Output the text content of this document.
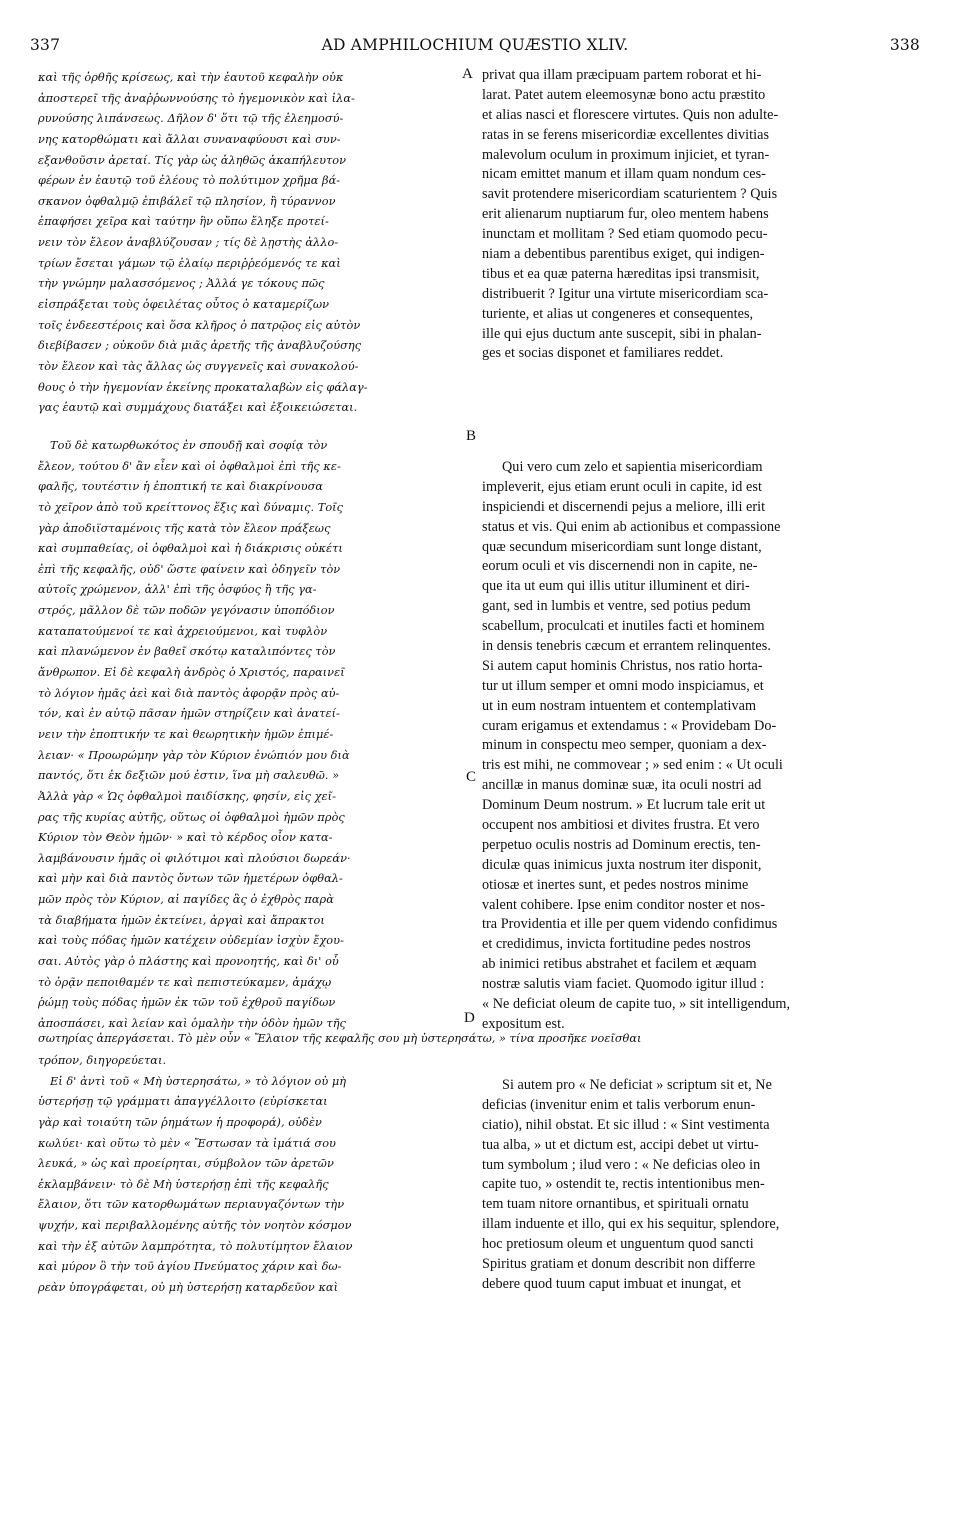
337	AD AMPHILOCHIUM QUÆSTIO XLIV.	338
καὶ τῆς ὀρθῆς κρίσεως, καὶ τὴν ἑαυτοῦ κεφαλὴν οὐκ
ἀποστερεῖ τῆς ἀναῤῥωννούσης τὸ ἡγεμονικὸν καὶ ἱλα-
ρυνούσης λιπάνσεως. Δῆλον δ' ὅτι τῷ τῆς ἐλεημοσύ-
νης κατορθώματι καὶ ἄλλαι συναναφύουσι καὶ συν-
εξανθοῦσιν ἀρεταί. Τίς γὰρ ὡς ἀληθῶς ἀκαπήλευτον
φέρων ἐν ἑαυτῷ τοῦ ἐλέους τὸ πολύτιμον χρῆμα βά-
σκανον ὀφθαλμῷ ἐπιβάλεῖ τῷ πλησίον, ἢ τύραννον
ἐπαφήσει χεῖρα καὶ ταύτην ἣν οὔπω ἔληξε προτεί-
νειν τὸν ἔλεον ἀναβλύζουσαν ; τίς δὲ λῃστὴς ἀλλο-
τρίων ἔσεται γάμων τῷ ἐλαίῳ περιῤῥεόμενός τε καὶ
τὴν γνώμην μαλασσόμενος ; Ἀλλά γε τόκους πῶς
εἰσπράξεται τοὺς ὀφειλέτας οὗτος ὁ καταμερίζων
τοῖς ἐνδεεστέροις καὶ ὅσα κλῆρος ὁ πατρῷος εἰς αὐτὸν
διεβίβασεν ; οὐκοῦν διὰ μιᾶς ἀρετῆς τῆς ἀναβλυζούσης
τὸν ἔλεον καὶ τὰς ἄλλας ὡς συγγενεῖς καὶ συνακολού-
θους ὁ τὴν ἡγεμονίαν ἐκείνης προκαταλαβὼν εἰς φάλαγ-
γας ἑαυτῷ καὶ συμμάχους διατάξει καὶ ἐξοικειώσεται.
Τοῦ δὲ κατωρθωκότος ἐν σπουδῇ καὶ σοφίᾳ τὸν
ἔλεον, τούτου δ' ἂν εἶεν καὶ οἱ ὀφθαλμοὶ ἐπὶ τῆς κε-
φαλῆς, τουτέστιν ἡ ἐποπτική τε καὶ διακρίνουσα
τὸ χεῖρον ἀπὸ τοῦ κρείττονος ἕξις καὶ δύναμις. Τοῖς
γὰρ ἀποδιϊσταμένοις τῆς κατὰ τὸν ἔλεον πράξεως
καὶ συμπαθείας, οἱ ὀφθαλμοὶ καὶ ἡ διάκρισις οὐκέτι
ἐπὶ τῆς κεφαλῆς, οὐδ' ὥστε φαίνειν καὶ ὁδηγεῖν τὸν
αὐτοῖς χρώμενον, ἀλλ' ἐπὶ τῆς ὀσφύος ἢ τῆς γα-
στρός, μᾶλλον δὲ τῶν ποδῶν γεγόνασιν ὑποπόδιον
καταπατούμενοί τε καὶ ἀχρειούμενοι, καὶ τυφλὸν
καὶ πλανώμενον ἐν βαθεῖ σκότῳ καταλιπόντες τὸν
ἄνθρωπον. Εἰ δὲ κεφαλὴ ἀνδρὸς ὁ Χριστός, παραινεῖ
τὸ λόγιον ἡμᾶς ἀεὶ καὶ διὰ παντὸς ἀφορᾷν πρὸς αὐ-
τόν, καὶ ἐν αὐτῷ πᾶσαν ἡμῶν στηρίζειν καὶ ἀνατεί-
νειν τὴν ἐποπτικήν τε καὶ θεωρητικὴν ἡμῶν ἐπιμέ-
λειαν· « Προωρώμην γὰρ τὸν Κύριον ἐνώπιόν μου διὰ
παντός, ὅτι ἐκ δεξιῶν μού ἐστιν, ἵνα μὴ σαλευθῶ. »
Ἀλλὰ γὰρ « Ὡς ὀφθαλμοὶ παιδίσκης, φησίν, εἰς χεῖ-
ρας τῆς κυρίας αὐτῆς, οὕτως οἱ ὀφθαλμοὶ ἡμῶν πρὸς
Κύριον τὸν Θεὸν ἡμῶν· » καὶ τὸ κέρδος οἷον κατα-
λαμβάνουσιν ἡμᾶς οἱ φιλότιμοι καὶ πλούσιοι δωρεάν·
καὶ μὴν καὶ διὰ παντὸς ὄντων τῶν ἡμετέρων ὀφθαλ-
μῶν πρὸς τὸν Κύριον, αἱ παγίδες ἃς ὁ ἐχθρὸς παρὰ
τὰ διαβήματα ἡμῶν ἐκτείνει, ἀργαὶ καὶ ἄπρακτοι
καὶ τοὺς πόδας ἡμῶν κατέχειν οὐδεμίαν ἰσχὺν ἔχου-
σαι. Αὐτὸς γὰρ ὁ πλάστης καὶ προνοητής, καὶ δι' οὗ
τὸ ὁρᾷν πεποιθαμέν τε καὶ πεπιστεύκαμεν, ἀμάχῳ
ῥώμῃ τοὺς πόδας ἡμῶν ἐκ τῶν τοῦ ἐχθροῦ παγίδων
ἀποσπάσει, καὶ λείαν καὶ ὁμαλὴν τὴν ὁδὸν ἡμῶν τῆς
σωτηρίας ἀπεργάσεται. Τὸ μὲν οὖν « Ἔλαιον τῆς κεφαλῆς σου μὴ ὑστερησάτω, » τίνα προσῆκε νοεῖσθαι
τρόπον, διηγορεύεται.
Εἰ δ' ἀντὶ τοῦ « Μὴ ὑστερησάτω, » τὸ λόγιον οὐ μὴ
ὑστερήσῃ τῷ γράμματι ἀπαγγέλλοιτο (εὑρίσκεται
γὰρ καὶ τοιαύτη τῶν ῥημάτων ἡ προφορά), οὐδὲν
κωλύει· καὶ οὕτω τὸ μὲν « Ἔστωσαν τὰ ἱμάτιά σου
λευκά, » ὡς καὶ προείρηται, σύμβολον τῶν ἀρετῶν
ἐκλαμβάνειν· τὸ δὲ Μὴ ὑστερήσῃ ἐπὶ τῆς κεφαλῆς
ἔλαιον, ὅτι τῶν κατορθωμάτων περιαυγαζόντων τὴν
ψυχήν, καὶ περιβαλλομένης αὐτῆς τὸν νοητὸν κόσμον
καὶ τὴν ἐξ αὐτῶν λαμπρότητα, τὸ πολυτίμητον ἔλαιον
καὶ μύρον ὃ τὴν τοῦ ἁγίου Πνεύματος χάριν καὶ δω-
ρεὰν ὑπογράφεται, οὐ μὴ ὑστερήσῃ καταρδεῦον καὶ
privat qua illam præcipuam partem roborat et hi-
larat. Patet autem eleemosynæ bono actu præstito
et alias nasci et florescere virtutes. Quis non adulte-
ratas in se ferens misericordiæ excellentes divitias
malevolum oculum in proximum injiciet, et tyran-
nicam emittet manum et illam quam nondum ces-
savit protendere misericordiam scaturientem ? Quis
erit alienarum nuptiarum fur, oleo mentem habens
inunctam et mollitam ? Sed etiam quomodo pecu-
niam a debentibus parentibus exiget, qui indigen-
tibus et ea quæ paterna hæreditas ipsi transmisit,
distribuerit ? Igitur una virtute misericordiam sca-
turiente, et alias ut congeneres et consequentes,
ille qui ejus ductum ante suscepit, sibi in phalan-
ges et socias disponet et familiares reddet.
Qui vero cum zelo et sapientia misericordiam
impleverit, ejus etiam erunt oculi in capite, id est
inspiciendi et discernendi pejus a meliore, illi erit
status et vis. Qui enim ab actionibus et compassione
quæ secundum misericordiam sunt longe distant,
eorum oculi et vis discernendi non in capite, ne-
que ita ut eum qui illis utitur illuminent et diri-
gant, sed in lumbis et ventre, sed potius pedum
scabellum, proculcati et inutiles facti et hominem
in densis tenebris cæcum et errantem relinquentes.
Si autem caput hominis Christus, nos ratio horta-
tur ut illum semper et omni modo inspiciamus, et
ut in eum nostram intuentem et contemplativam
curam erigamus et extendamus : « Providebam Do-
minum in conspectu meo semper, quoniam a dex-
tris est mihi, ne commovear ; » sed enim : « Ut oculi
ancillæ in manus dominæ suæ, ita oculi nostri ad
Dominum Deum nostrum. » Et lucrum tale erit ut
occupent nos ambitiosi et divites frustra. Et vero
perpetuo oculis nostris ad Dominum erectis, ten-
diculæ quas inimicus juxta nostrum iter disponit,
otiosæ et inertes sunt, et pedes nostros minime
valent cohibere. Ipse enim conditor noster et nos-
tra Providentia et ille per quem videndo confidimus
et credidimus, invicta fortitudine pedes nostros
ab inimici retibus abstrahet et facilem et æquam
nostræ salutis viam faciet. Quomodo igitur illud :
« Ne deficiat oleum de capite tuo, » sit intelligendum,
expositum est.
Si autem pro « Ne deficiat » scriptum sit et, Ne
deficias (invenitur enim et talis verborum enun-
ciatio), nihil obstat. Et sic illud : « Sint vestimenta
tua alba, » ut et dictum est, accipi debet ut virtu-
tum symbolum ; ilud vero : « Ne deficias oleo in
capite tuo, » ostendit te, rectis intentionibus men-
tem tuam nitore ornantibus, et spirituali ornatu
illam induente et illo, qui ex his sequitur, splendore,
hoc pretiosum oleum et unguentum quod sancti
Spiritus gratiam et donum describit non differre
debere quod tuum caput imbuat et inungat, et
A
B
C
D
